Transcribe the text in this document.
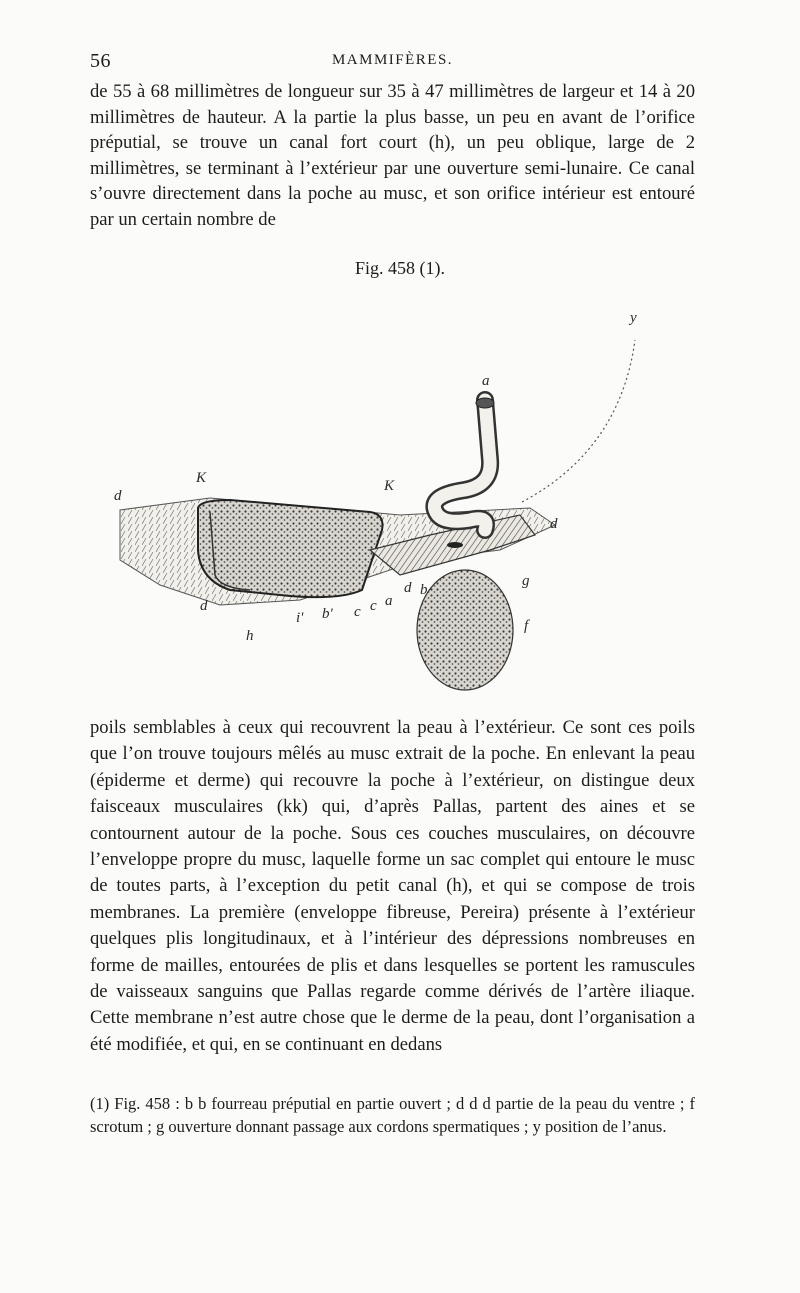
56	MAMMIFÈRES.

de 55 à 68 millimètres de longueur sur 35 à 47 millimètres de largeur et 14 à 20 millimètres de hauteur. A la partie la plus basse, un peu en avant de l’orifice préputial, se trouve un canal fort court (h), un peu oblique, large de 2 millimètres, se terminant à l’extérieur par une ouverture semi-lunaire. Ce canal s’ouvre directement dans la poche au musc, et son orifice intérieur est entouré par un certain nombre de

Fig. 458 (1).
y
a
K	K
d
d
d
h
i' b' c c a
d b
g
f

poils semblables à ceux qui recouvrent la peau à l’extérieur. Ce sont ces poils que l’on trouve toujours mêlés au musc extrait de la poche. En enlevant la peau (épiderme et derme) qui recouvre la poche à l’extérieur, on distingue deux faisceaux musculaires (kk) qui, d’après Pallas, partent des aines et se contournent autour de la poche. Sous ces couches musculaires, on découvre l’enveloppe propre du musc, laquelle forme un sac complet qui entoure le musc de toutes parts, à l’exception du petit canal (h), et qui se compose de trois membranes. La première (enveloppe fibreuse, Pereira) présente à l’extérieur quelques plis longitudinaux, et à l’intérieur des dépressions nombreuses en forme de mailles, entourées de plis et dans lesquelles se portent les ramuscules de vaisseaux sanguins que Pallas regarde comme dérivés de l’artère iliaque. Cette membrane n’est autre chose que le derme de la peau, dont l’organisation a été modifiée, et qui, en se continuant en dedans

(1) Fig. 458 : b b fourreau préputial en partie ouvert ; d d d partie de la peau du ventre ; f scrotum ; g ouverture donnant passage aux cordons spermatiques ; y position de l’anus.
